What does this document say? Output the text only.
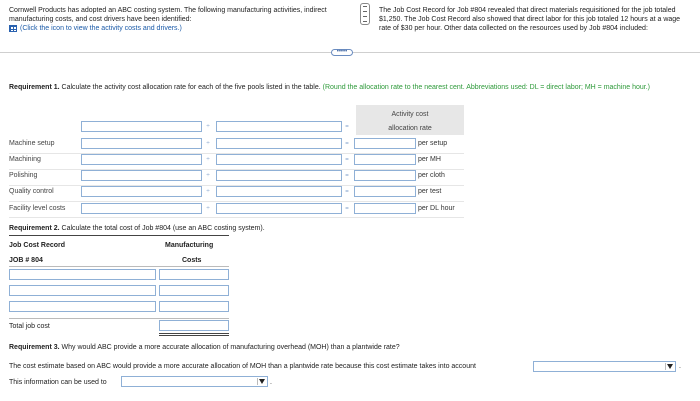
Cornwell Products has adopted an ABC costing system. The following manufacturing activities, indirect manufacturing costs, and cost drivers have been identified:
(Click the icon to view the activity costs and drivers.)
The Job Cost Record for Job #804 revealed that direct materials requisitioned for the job totaled $1,250. The Job Cost Record also showed that direct labor for this job totaled 12 hours at a wage rate of $30 per hour. Other data collected on the resources used by Job #804 included:
•••••
Requirement 1. Calculate the activity cost allocation rate for each of the five pools listed in the table. (Round the allocation rate to the nearest cent. Abbreviations used: DL = direct labor; MH = machine hour.)
Activity cost
allocation rate
÷	=
Machine setup	÷	=	per setup
Machining	÷	=	per MH
Polishing	÷	=	per cloth
Quality control	÷	=	per test
Facility level costs	÷	=	per DL hour
Requirement 2. Calculate the total cost of Job #804 (use an ABC costing system).
Job Cost Record	Manufacturing
JOB # 804	Costs
Total job cost
Requirement 3. Why would ABC provide a more accurate allocation of manufacturing overhead (MOH) than a plantwide rate?
The cost estimate based on ABC would provide a more accurate allocation of MOH than a plantwide rate because this cost estimate takes into account	.
This information can be used to	.
